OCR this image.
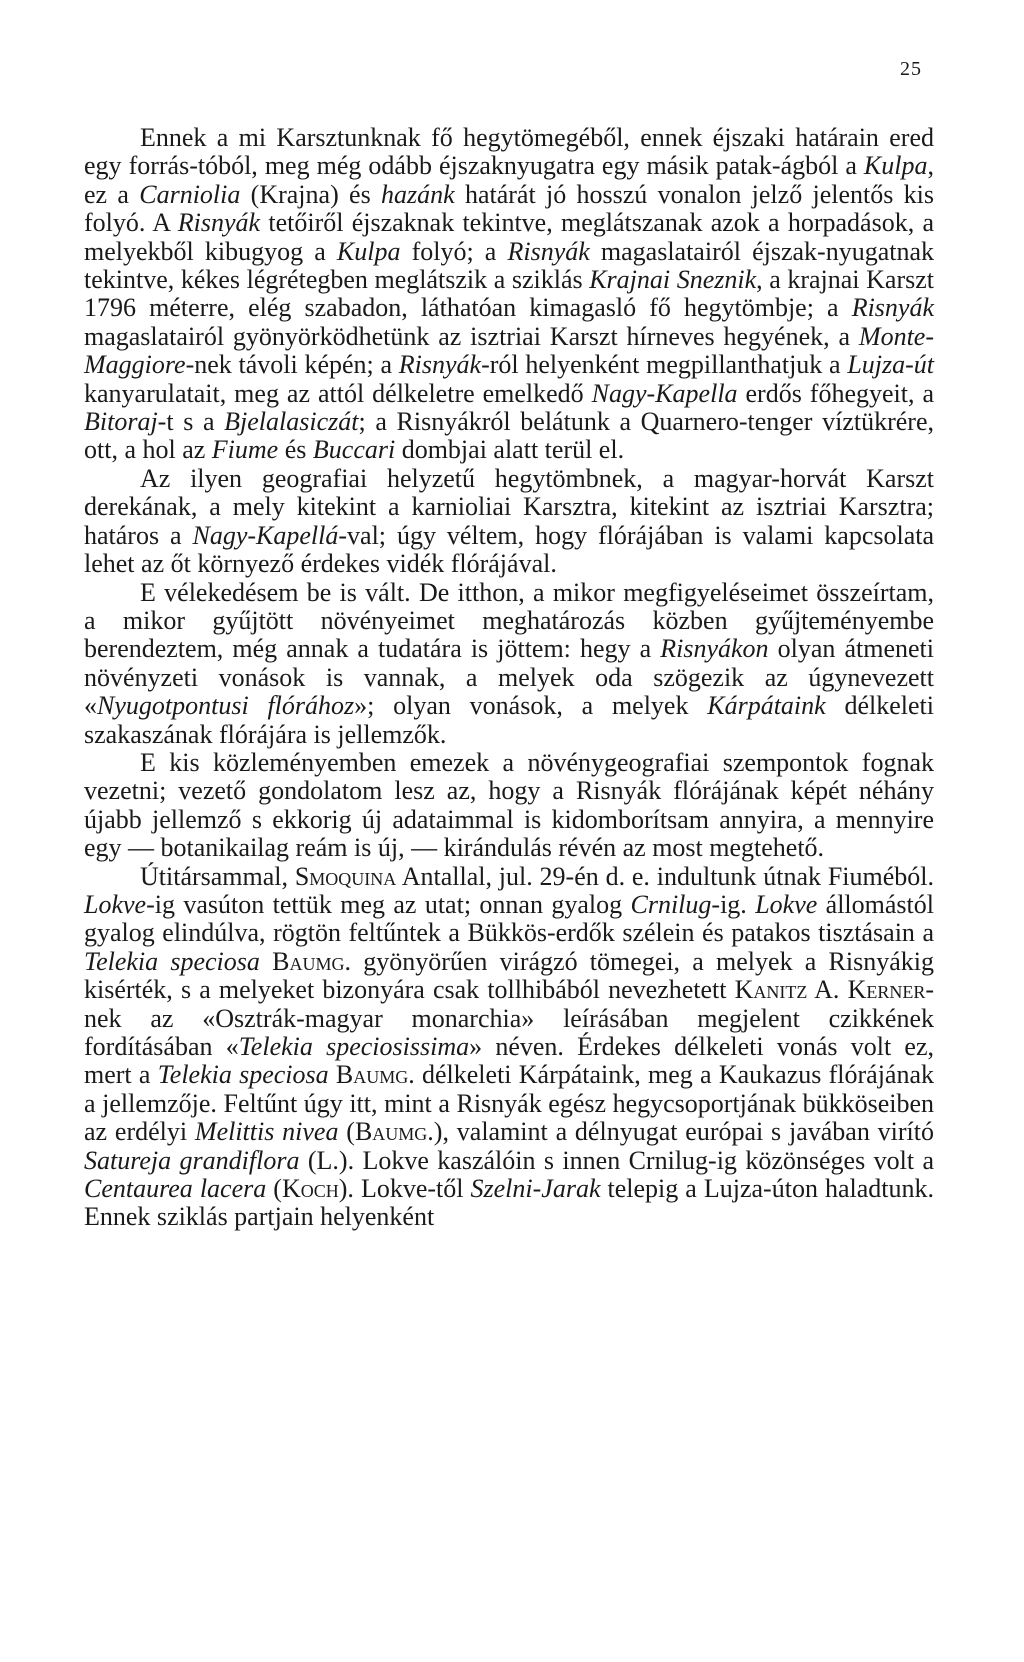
25

Ennek a mi Karsztunknak fő hegytömegéből, ennek éjszaki határain ered egy forrás-tóból, meg még odább éjszaknyugatra egy másik patak-ágból a Kulpa, ez a Carniolia (Krajna) és hazánk határát jó hosszú vonalon jelző jelentős kis folyó. A Risnyák tetőiről éjszaknak tekintve, meglátszanak azok a horpadások, a melyekből kibugyog a Kulpa folyó; a Risnyák magaslatairól éjszak-nyugatnak tekintve, kékes légrétegben meglátszik a sziklás Krajnai Sneznik, a krajnai Karszt 1796 méterre, elég szabadon, láthatóan kimagasló fő hegytömbje; a Risnyák magaslatairól gyönyörködhetünk az isztriai Karszt hírneves hegyének, a Monte-Maggiore-nek távoli képén; a Risnyák-ról helyenként megpillanthatjuk a Lujza-út kanyarulatait, meg az attól délkeletre emelkedő Nagy-Kapella erdős főhegyeit, a Bitoraj-t s a Bjelalasiczát; a Risnyákról belátunk a Quarnero-tenger víztükrére, ott, a hol az Fiume és Buccari dombjai alatt terül el.

Az ilyen geografiai helyzetű hegytömbnek, a magyar-horvát Karszt derekának, a mely kitekint a karnioliai Karsztra, kitekint az isztriai Karsztra; határos a Nagy-Kapellá-val; úgy véltem, hogy flórájában is valami kapcsolata lehet az őt környező érdekes vidék flórájával.

E vélekedésem be is vált. De itthon, a mikor megfigyeléseimet összeírtam, a mikor gyűjtött növényeimet meghatározás közben gyűjteményembe berendeztem, még annak a tudatára is jöttem: hegy a Risnyákon olyan átmeneti növényzeti vonások is vannak, a melyek oda szögezik az úgynevezett «Nyugotpontusi flórához»; olyan vonások, a melyek Kárpátaink délkeleti szakaszának flórájára is jellemzők.

E kis közleményemben emezek a növénygeografiai szempontok fognak vezetni; vezető gondolatom lesz az, hogy a Risnyák flórájának képét néhány újabb jellemző s ekkorig új adataimmal is kidomborítsam annyira, a mennyire egy — botanikailag reám is új, — kirándulás révén az most megtehető.

Útitársammal, Smoquina Antallal, jul. 29-én d. e. indultunk útnak Fiuméból. Lokve-ig vasúton tettük meg az utat; onnan gyalog Crnilug-ig. Lokve állomástól gyalog elindúlva, rögtön feltűntek a Bükkös-erdők szélein és patakos tisztásain a Telekia speciosa Baumg. gyönyörűen virágzó tömegei, a melyek a Risnyákig kisérték, s a melyeket bizonyára csak tollhibából nevezhetett Kanitz A. Kerner-nek az «Osztrák-magyar monarchia» leírásában megjelent czikkének fordításában «Telekia speciosissima» néven. Érdekes délkeleti vonás volt ez, mert a Telekia speciosa Baumg. délkeleti Kárpátaink, meg a Kaukazus flórájának a jellemzője. Feltűnt úgy itt, mint a Risnyák egész hegycsoportjának bükköseiben az erdélyi Melittis nivea (Baumg.), valamint a délnyugat európai s javában virító Satureja grandiflora (L.). Lokve kaszálóin s innen Crnilug-ig közönséges volt a Centaurea lacera (Koch). Lokve-től Szelni-Jarak telepig a Lujza-úton haladtunk. Ennek sziklás partjain helyenként
